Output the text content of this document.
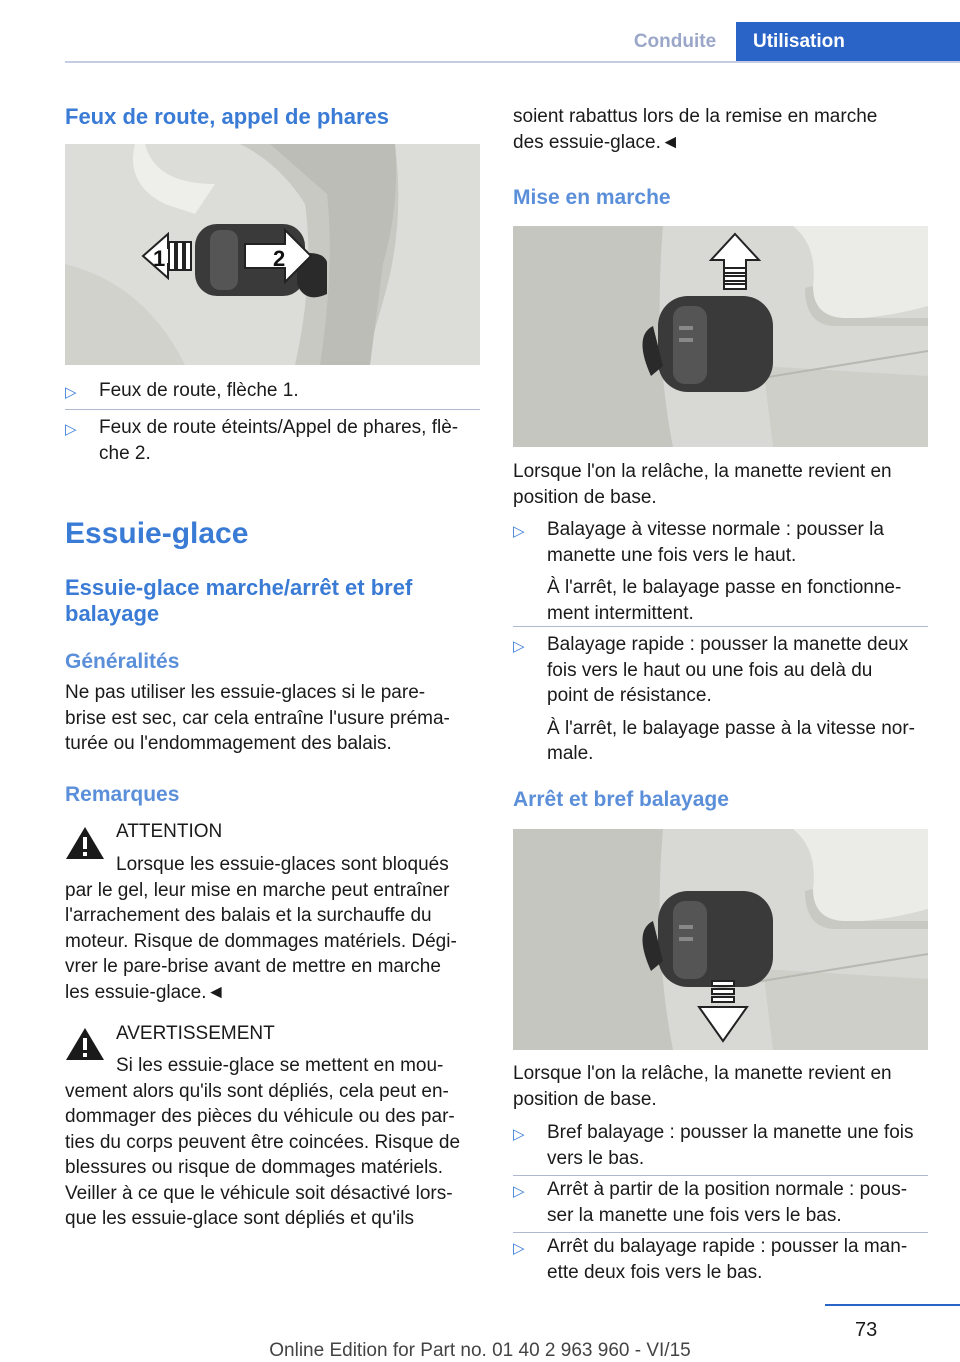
Conduite	Utilisation
Feux de route, appel de phares
1	2
▷ Feux de route, flèche 1.
▷ Feux de route éteints/Appel de phares, flè-
che 2.
Essuie-glace
Essuie-glace marche/arrêt et bref
balayage
Généralités
Ne pas utiliser les essuie-glaces si le pare-
brise est sec, car cela entraîne l'usure préma-
turée ou l'endommagement des balais.
Remarques
ATTENTION
Lorsque les essuie-glaces sont bloqués
par le gel, leur mise en marche peut entraîner
l'arrachement des balais et la surchauffe du
moteur. Risque de dommages matériels. Dégi-
vrer le pare-brise avant de mettre en marche
les essuie-glace.◄
AVERTISSEMENT
Si les essuie-glace se mettent en mou-
vement alors qu'ils sont dépliés, cela peut en-
dommager des pièces du véhicule ou des par-
ties du corps peuvent être coincées. Risque de
blessures ou risque de dommages matériels.
Veiller à ce que le véhicule soit désactivé lors-
que les essuie-glace sont dépliés et qu'ils
soient rabattus lors de la remise en marche
des essuie-glace.◄
Mise en marche
Lorsque l'on la relâche, la manette revient en
position de base.
▷ Balayage à vitesse normale : pousser la
manette une fois vers le haut.

À l'arrêt, le balayage passe en fonctionne-
ment intermittent.
▷ Balayage rapide : pousser la manette deux
fois vers le haut ou une fois au delà du
point de résistance.

À l'arrêt, le balayage passe à la vitesse nor-
male.
Arrêt et bref balayage
Lorsque l'on la relâche, la manette revient en
position de base.
▷ Bref balayage : pousser la manette une fois
vers le bas.
▷ Arrêt à partir de la position normale : pous-
ser la manette une fois vers le bas.
▷ Arrêt du balayage rapide : pousser la man-
ette deux fois vers le bas.
73
Online Edition for Part no. 01 40 2 963 960 - VI/15
